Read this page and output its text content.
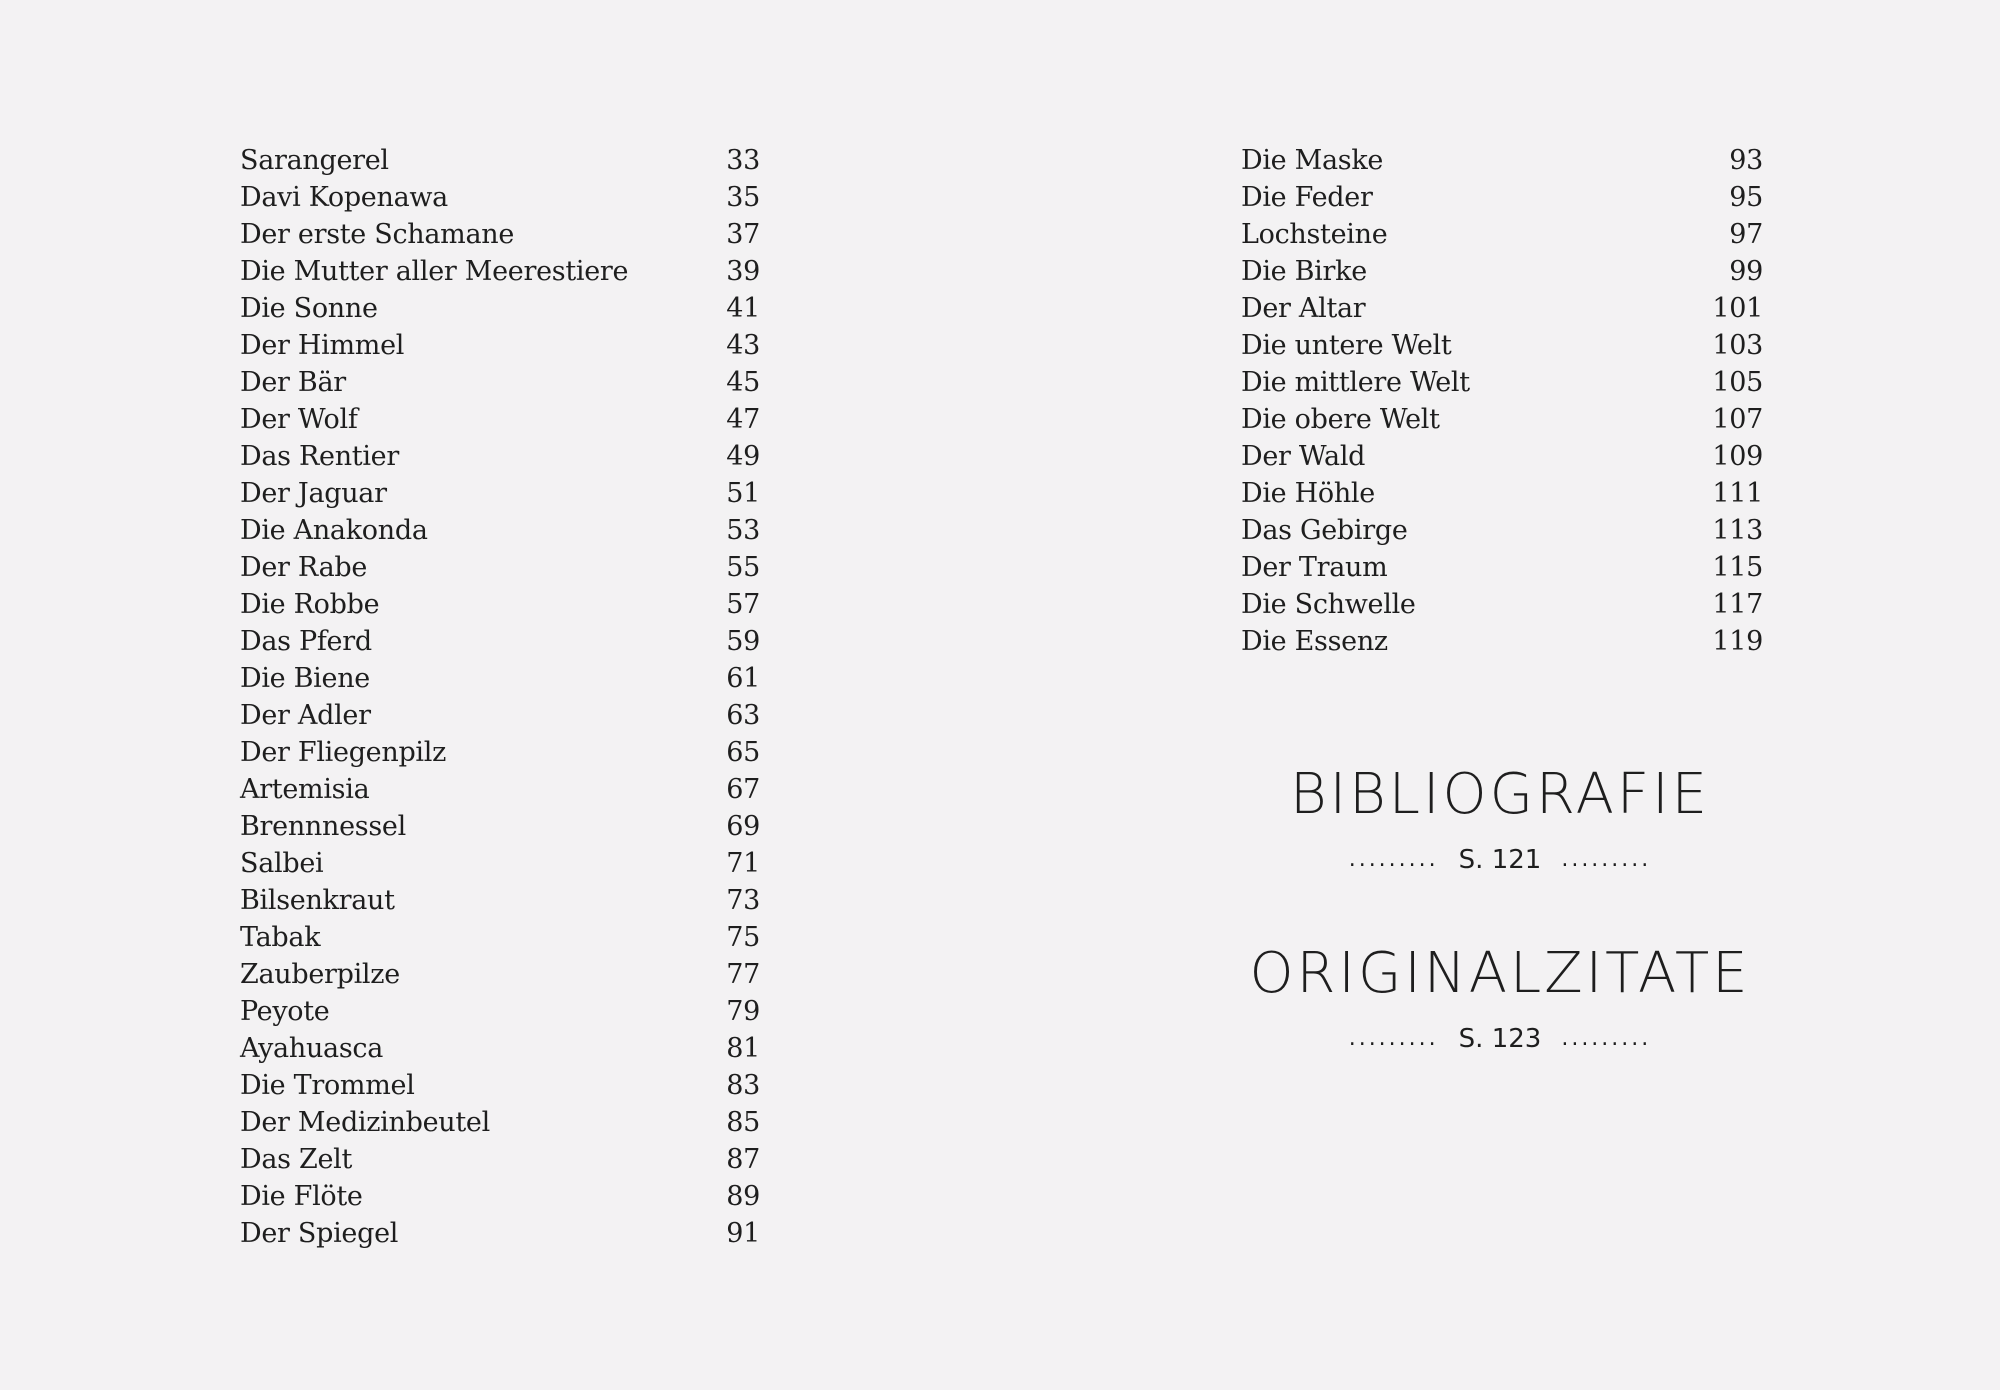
Sarangerel	33
Davi Kopenawa	35
Der erste Schamane	37
Die Mutter aller Meerestiere	39
Die Sonne	41
Der Himmel	43
Der Bär	45
Der Wolf	47
Das Rentier	49
Der Jaguar	51
Die Anakonda	53
Der Rabe	55
Die Robbe	57
Das Pferd	59
Die Biene	61
Der Adler	63
Der Fliegenpilz	65
Artemisia	67
Brennnessel	69
Salbei	71
Bilsenkraut	73
Tabak	75
Zauberpilze	77
Peyote	79
Ayahuasca	81
Die Trommel	83
Der Medizinbeutel	85
Das Zelt	87
Die Flöte	89
Der Spiegel	91
Die Maske	93
Die Feder	95
Lochsteine	97
Die Birke	99
Der Altar	101
Die untere Welt	103
Die mittlere Welt	105
Die obere Welt	107
Der Wald	109
Die Höhle	111
Das Gebirge	113
Der Traum	115
Die Schwelle	117
Die Essenz	119
BIBLIOGRAFIE
......... S. 121 .........
ORIGINALZITATE
......... S. 123 .........
